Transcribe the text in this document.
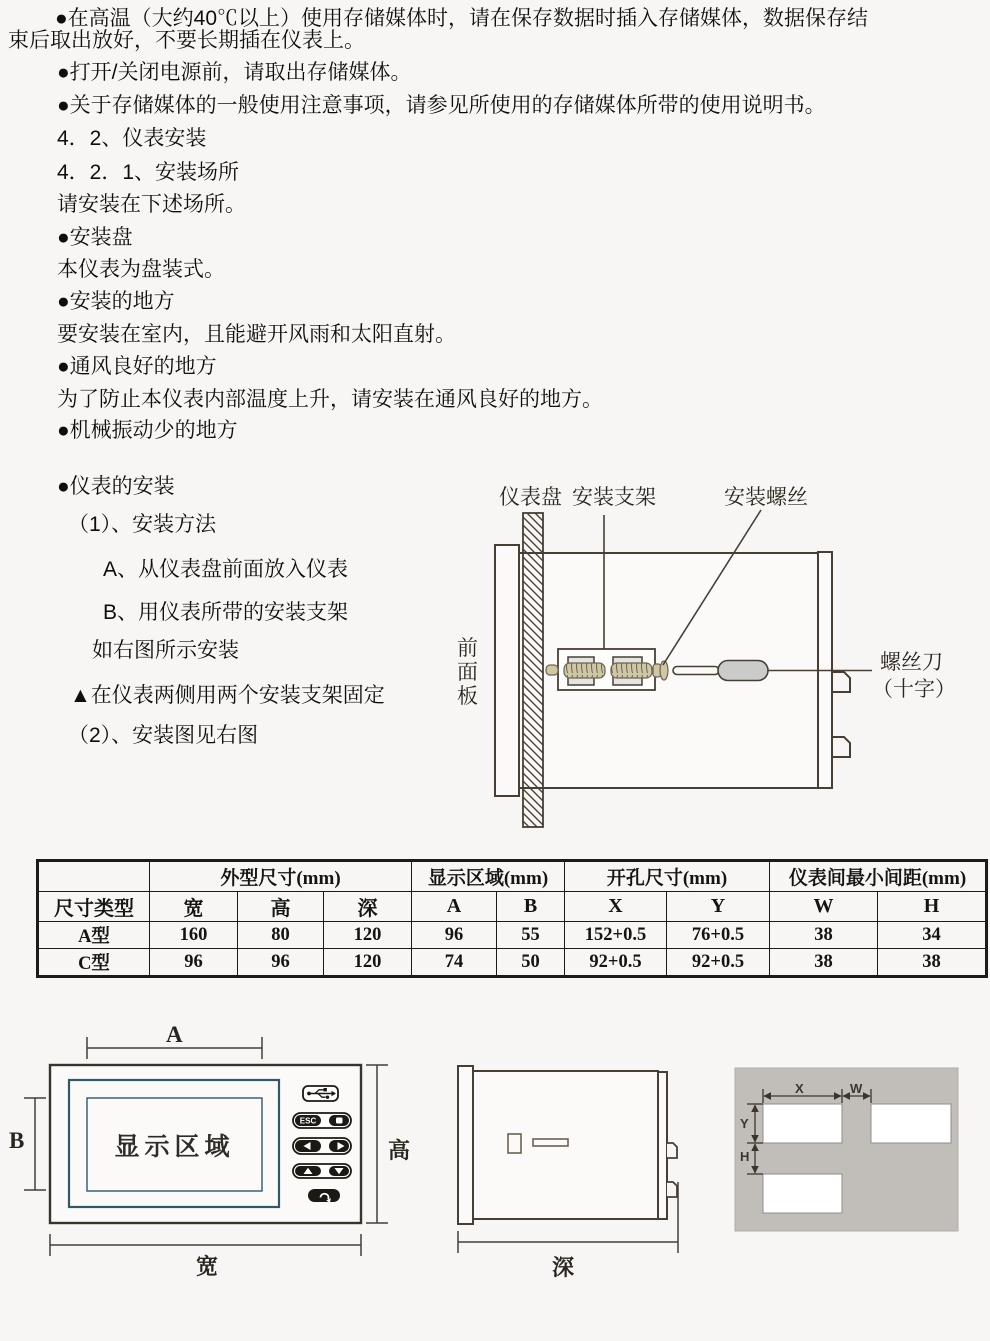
●在高温（大约40℃以上）使用存储媒体时，请在保存数据时插入存储媒体，数据保存结
束后取出放好，不要长期插在仪表上。
●打开/关闭电源前，请取出存储媒体。
●关于存储媒体的一般使用注意事项，请参见所使用的存储媒体所带的使用说明书。
4．2、仪表安装
4．2．1、安装场所
请安装在下述场所。
●安装盘
本仪表为盘装式。
●安装的地方
要安装在室内，且能避开风雨和太阳直射。
●通风良好的地方
为了防止本仪表内部温度上升，请安装在通风良好的地方。
●机械振动少的地方
●仪表的安装
（1）、安装方法
A、从仪表盘前面放入仪表
B、用仪表所带的安装支架
如右图所示安装
▲在仪表两侧用两个安装支架固定
（2）、安装图见右图
仪表盘 安装支架	安装螺丝
前面板
螺丝刀
（十字）
	外型尺寸(mm)			显示区域(mm)		开孔尺寸(mm)		仪表间最小间距(mm)	
尺寸类型	宽	高	深	A	B	X	Y	W	H
A型	160	80	120	96	55	152+0.5	76+0.5	38	34
C型	96	96	120	74	50	92+0.5	92+0.5	38	38
ESC
A
B
宽
高
显示区域
深
X	W
Y
H
